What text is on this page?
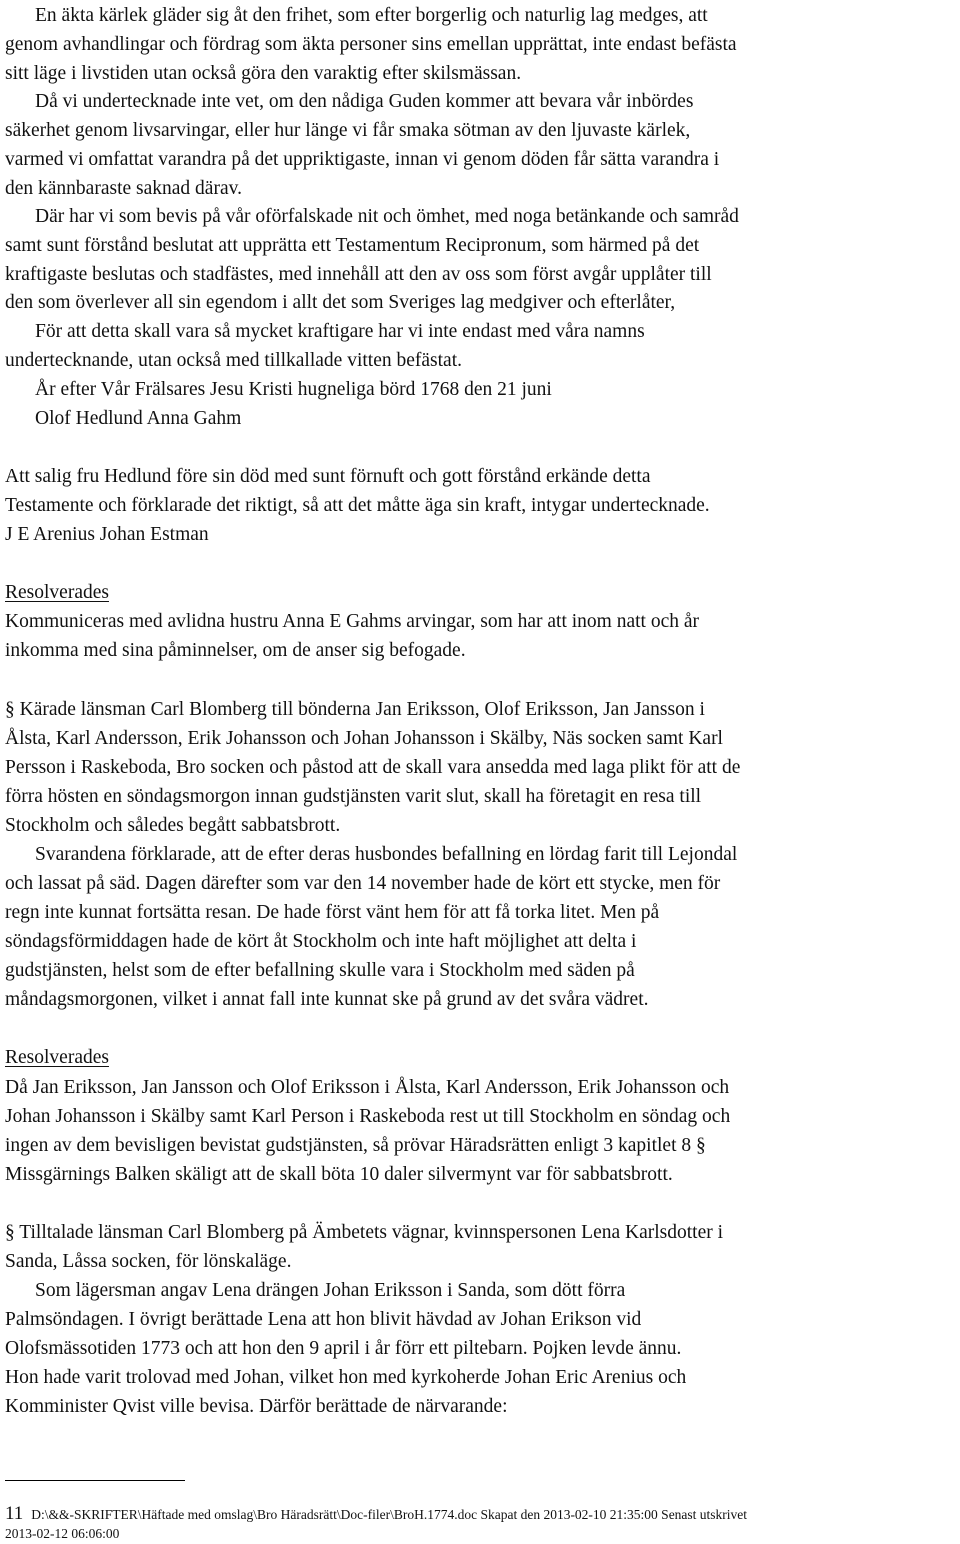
En äkta kärlek gläder sig åt den frihet, som efter borgerlig och naturlig lag medges, att
genom avhandlingar och fördrag som äkta personer sins emellan upprättat, inte endast befästa
sitt läge i livstiden utan också göra den varaktig efter skilsmässan.
Då vi undertecknade inte vet, om den nådiga Guden kommer att bevara vår inbördes
säkerhet genom livsarvingar, eller hur länge vi får smaka sötman av den ljuvaste kärlek,
varmed vi omfattat varandra på det uppriktigaste, innan vi genom döden får sätta varandra i
den kännbaraste saknad därav.
Där har vi som bevis på vår oförfalskade nit och ömhet, med noga betänkande och samråd
samt sunt förstånd beslutat att upprätta ett Testamentum Recipronum, som härmed på det
kraftigaste beslutas och stadfästes, med innehåll att den av oss som först avgår upplåter till
den som överlever all sin egendom i allt det som Sveriges lag medgiver och efterlåter,
För att detta skall vara så mycket kraftigare har vi inte endast med våra namns
undertecknande, utan också med tillkallade vitten befästat.
År efter Vår Frälsares Jesu Kristi hugneliga börd 1768 den 21 juni
Olof Hedlund Anna Gahm
Att salig fru Hedlund före sin död med sunt förnuft och gott förstånd erkände detta
Testamente och förklarade det riktigt, så att det måtte äga sin kraft, intygar undertecknade.
J E Arenius Johan Estman
Resolverades
Kommuniceras med avlidna hustru Anna E Gahms arvingar, som har att inom natt och år
inkomma med sina påminnelser, om de anser sig befogade.
§ Kärade länsman Carl Blomberg till bönderna Jan Eriksson, Olof Eriksson, Jan Jansson i
Ålsta, Karl Andersson, Erik Johansson och Johan Johansson i Skälby, Näs socken samt Karl
Persson i Raskeboda, Bro socken och påstod att de skall vara ansedda med laga plikt för att de
förra hösten en söndagsmorgon innan gudstjänsten varit slut, skall ha företagit en resa till
Stockholm och således begått sabbatsbrott.
Svarandena förklarade, att de efter deras husbondes befallning en lördag farit till Lejondal
och lassat på säd. Dagen därefter som var den 14 november hade de kört ett stycke, men för
regn inte kunnat fortsätta resan. De hade först vänt hem för att få torka litet. Men på
söndagsförmiddagen hade de kört åt Stockholm och inte haft möjlighet att delta i
gudstjänsten, helst som de efter befallning skulle vara i Stockholm med säden på
måndagsmorgonen, vilket i annat fall inte kunnat ske på grund av det svåra vädret.
Resolverades
Då Jan Eriksson, Jan Jansson och Olof Eriksson i Ålsta, Karl Andersson, Erik Johansson och
Johan Johansson i Skälby samt Karl Person i Raskeboda rest ut till Stockholm en söndag och
ingen av dem bevisligen bevistat gudstjänsten, så prövar Häradsrätten enligt 3 kapitlet 8 §
Missgärnings Balken skäligt att de skall böta 10 daler silvermynt var för sabbatsbrott.
§ Tilltalade länsman Carl Blomberg på Ämbetets vägnar, kvinnspersonen Lena Karlsdotter i
Sanda, Låssa socken, för lönskaläge.
Som lägersman angav Lena drängen Johan Eriksson i Sanda, som dött förra
Palmsöndagen. I övrigt berättade Lena att hon blivit hävdad av Johan Erikson vid
Olofsmässotiden 1773 och att hon den 9 april i år förr ett piltebarn. Pojken levde ännu.
Hon hade varit trolovad med Johan, vilket hon med kyrkoherde Johan Eric Arenius och
Komminister Qvist ville bevisa. Därför berättade de närvarande:
11 D:\&&-SKRIFTER\Häftade med omslag\Bro Häradsrätt\Doc-filer\BroH.1774.doc Skapat den 2013-02-10 21:35:00 Senast utskrivet
2013-02-12 06:06:00
